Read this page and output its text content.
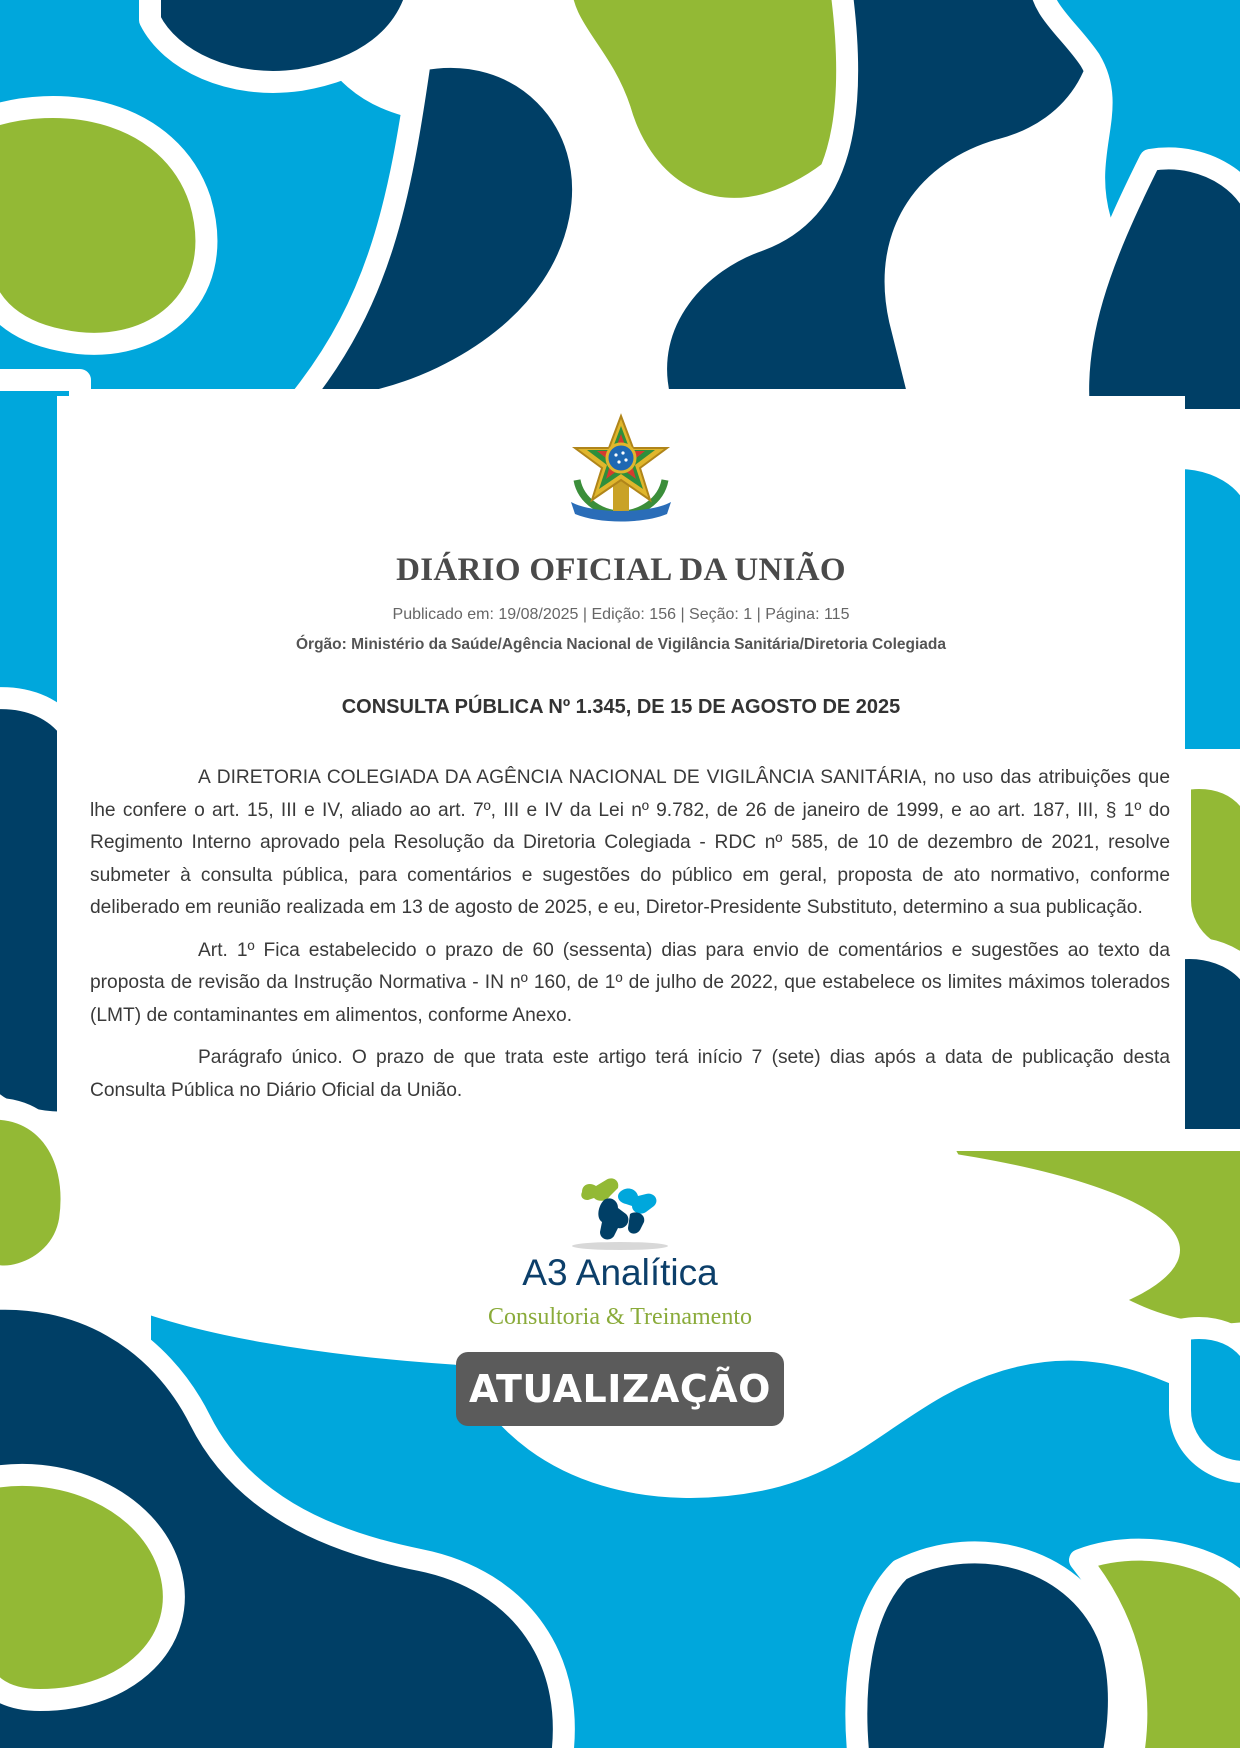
DIÁRIO OFICIAL DA UNIÃO
Publicado em: 19/08/2025 | Edição: 156 | Seção: 1 | Página: 115
Órgão: Ministério da Saúde/Agência Nacional de Vigilância Sanitária/Diretoria Colegiada
CONSULTA PÚBLICA Nº 1.345, DE 15 DE AGOSTO DE 2025

A DIRETORIA COLEGIADA DA AGÊNCIA NACIONAL DE VIGILÂNCIA SANITÁRIA, no uso das atribuições que lhe confere o art. 15, III e IV, aliado ao art. 7º, III e IV da Lei nº 9.782, de 26 de janeiro de 1999, e ao art. 187, III, § 1º do Regimento Interno aprovado pela Resolução da Diretoria Colegiada - RDC nº 585, de 10 de dezembro de 2021, resolve submeter à consulta pública, para comentários e sugestões do público em geral, proposta de ato normativo, conforme deliberado em reunião realizada em 13 de agosto de 2025, e eu, Diretor-Presidente Substituto, determino a sua publicação.

Art. 1º Fica estabelecido o prazo de 60 (sessenta) dias para envio de comentários e sugestões ao texto da proposta de revisão da Instrução Normativa - IN nº 160, de 1º de julho de 2022, que estabelece os limites máximos tolerados (LMT) de contaminantes em alimentos, conforme Anexo.

Parágrafo único. O prazo de que trata este artigo terá início 7 (sete) dias após a data de publicação desta Consulta Pública no Diário Oficial da União.

A3 Analítica
Consultoria & Treinamento
ATUALIZAÇÃO
